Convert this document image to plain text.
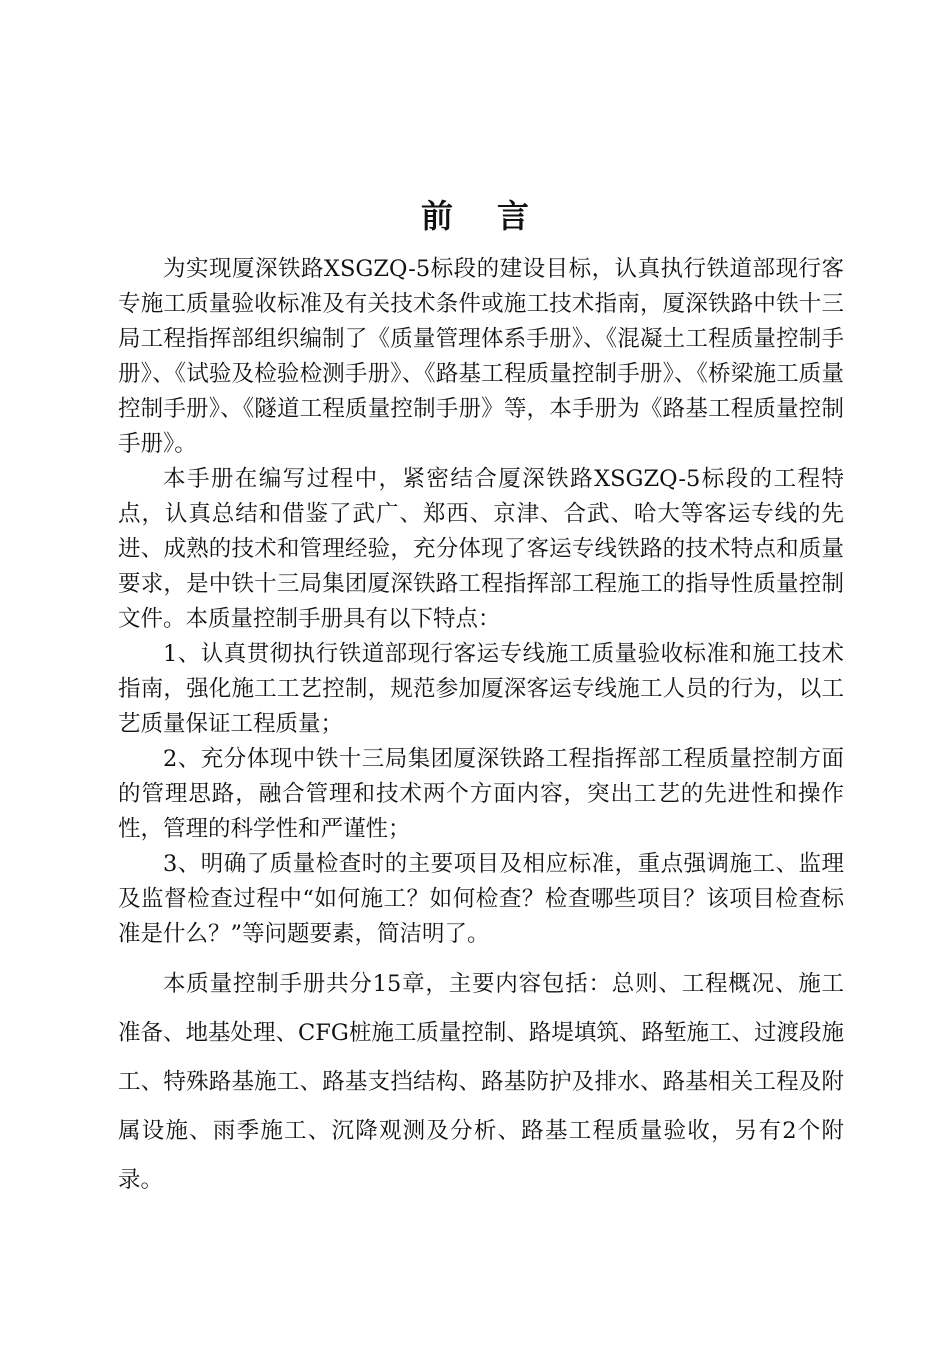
前言

为实现厦深铁路XSGZQ-5标段的建设目标，认真执行铁道部现行客专施工质量验收标准及有关技术条件或施工技术指南，厦深铁路中铁十三局工程指挥部组织编制了《质量管理体系手册》、《混凝土工程质量控制手册》、《试验及检验检测手册》、《路基工程质量控制手册》、《桥梁施工质量控制手册》、《隧道工程质量控制手册》等，本手册为《路基工程质量控制手册》。

本手册在编写过程中，紧密结合厦深铁路XSGZQ-5标段的工程特点，认真总结和借鉴了武广、郑西、京津、合武、哈大等客运专线的先进、成熟的技术和管理经验，充分体现了客运专线铁路的技术特点和质量要求，是中铁十三局集团厦深铁路工程指挥部工程施工的指导性质量控制文件。本质量控制手册具有以下特点：

1、认真贯彻执行铁道部现行客运专线施工质量验收标准和施工技术指南，强化施工工艺控制，规范参加厦深客运专线施工人员的行为，以工艺质量保证工程质量；

2、充分体现中铁十三局集团厦深铁路工程指挥部工程质量控制方面的管理思路，融合管理和技术两个方面内容，突出工艺的先进性和操作性，管理的科学性和严谨性；

3、明确了质量检查时的主要项目及相应标准，重点强调施工、监理及监督检查过程中“如何施工？如何检查？检查哪些项目？该项目检查标准是什么？”等问题要素，简洁明了。

本质量控制手册共分15章，主要内容包括：总则、工程概况、施工准备、地基处理、CFG桩施工质量控制、路堤填筑、路堑施工、过渡段施工、特殊路基施工、路基支挡结构、路基防护及排水、路基相关工程及附属设施、雨季施工、沉降观测及分析、路基工程质量验收，另有2个附录。
